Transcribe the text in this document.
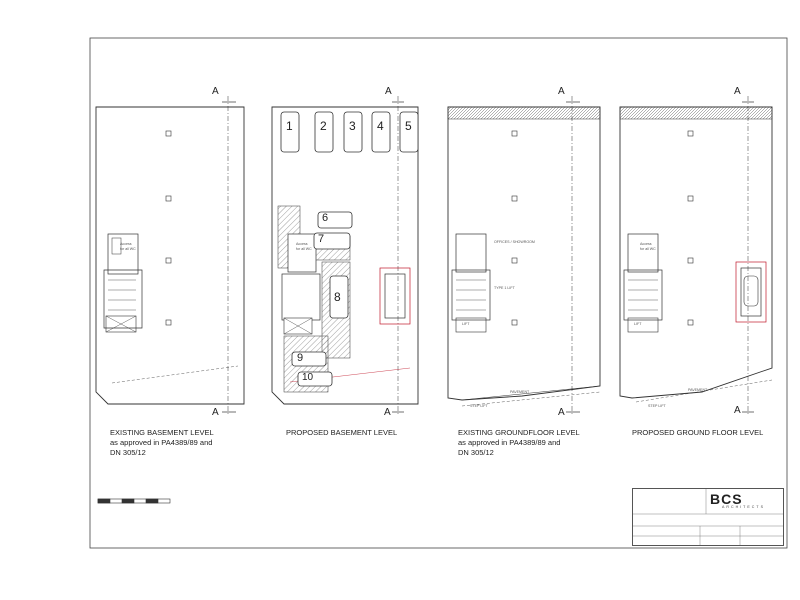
A
A
A
A
A
A
A
A
1 2 3 4 5
6
7
8
9
10
Access for all WC
Access for all WC
Access for all WC
OFFICES / SHOWROOM
TYPE 1 LIFT
LIFT	LIFT
STEP LIFT	STEP LIFT
PAVEMENT	PAVEMENT
EXISTING BASEMENT LEVEL
as approved in PA4389/89 and
DN 305/12
PROPOSED BASEMENT LEVEL	EXISTING GROUNDFLOOR LEVEL
as approved in PA4389/89 and
DN 305/12
PROPOSED GROUND FLOOR LEVEL
BCS
ARCHITECTS
